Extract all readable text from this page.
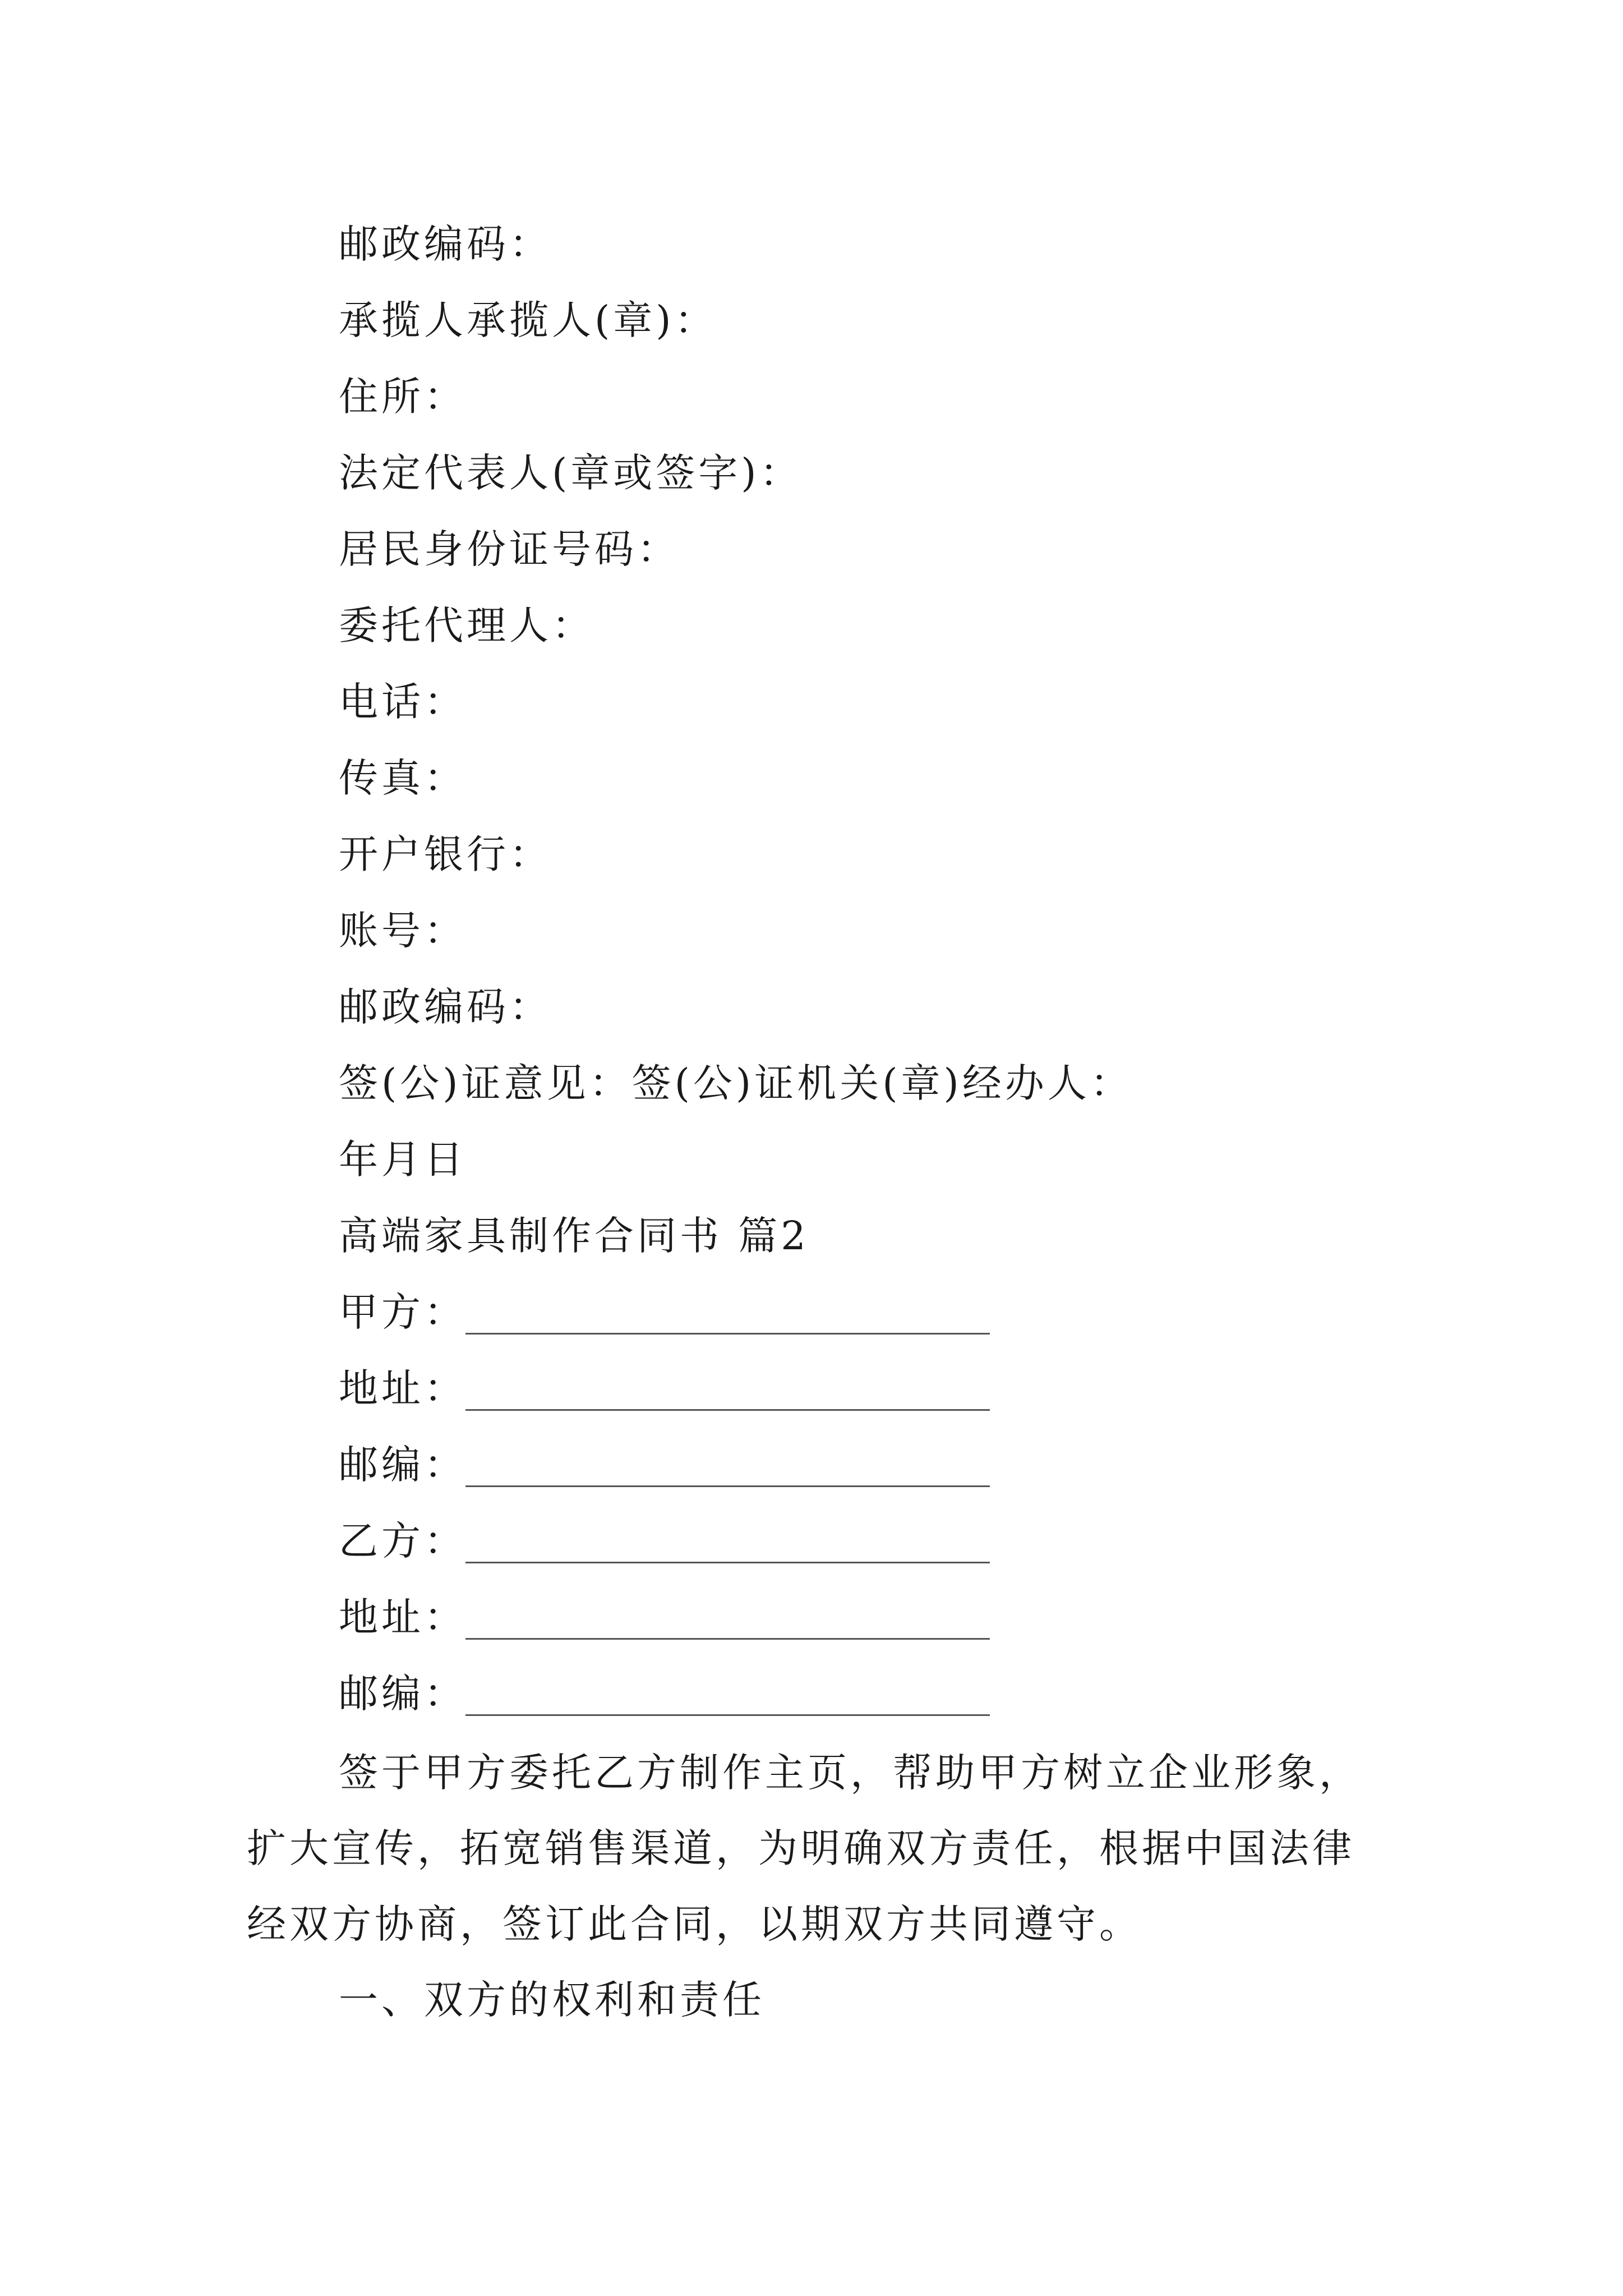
邮政编码：
承揽人承揽人(章)：
住所：
法定代表人(章或签字)：
居民身份证号码：
委托代理人：
电话：
传真：
开户银行：
账号：
邮政编码：
签(公)证意见：签(公)证机关(章)经办人：
年月日
高端家具制作合同书 篇2
甲方：
地址：
邮编：
乙方：
地址：
邮编：
签于甲方委托乙方制作主页，帮助甲方树立企业形象，
扩大宣传，拓宽销售渠道，为明确双方责任，根据中国法律
经双方协商，签订此合同，以期双方共同遵守。
一、双方的权利和责任
